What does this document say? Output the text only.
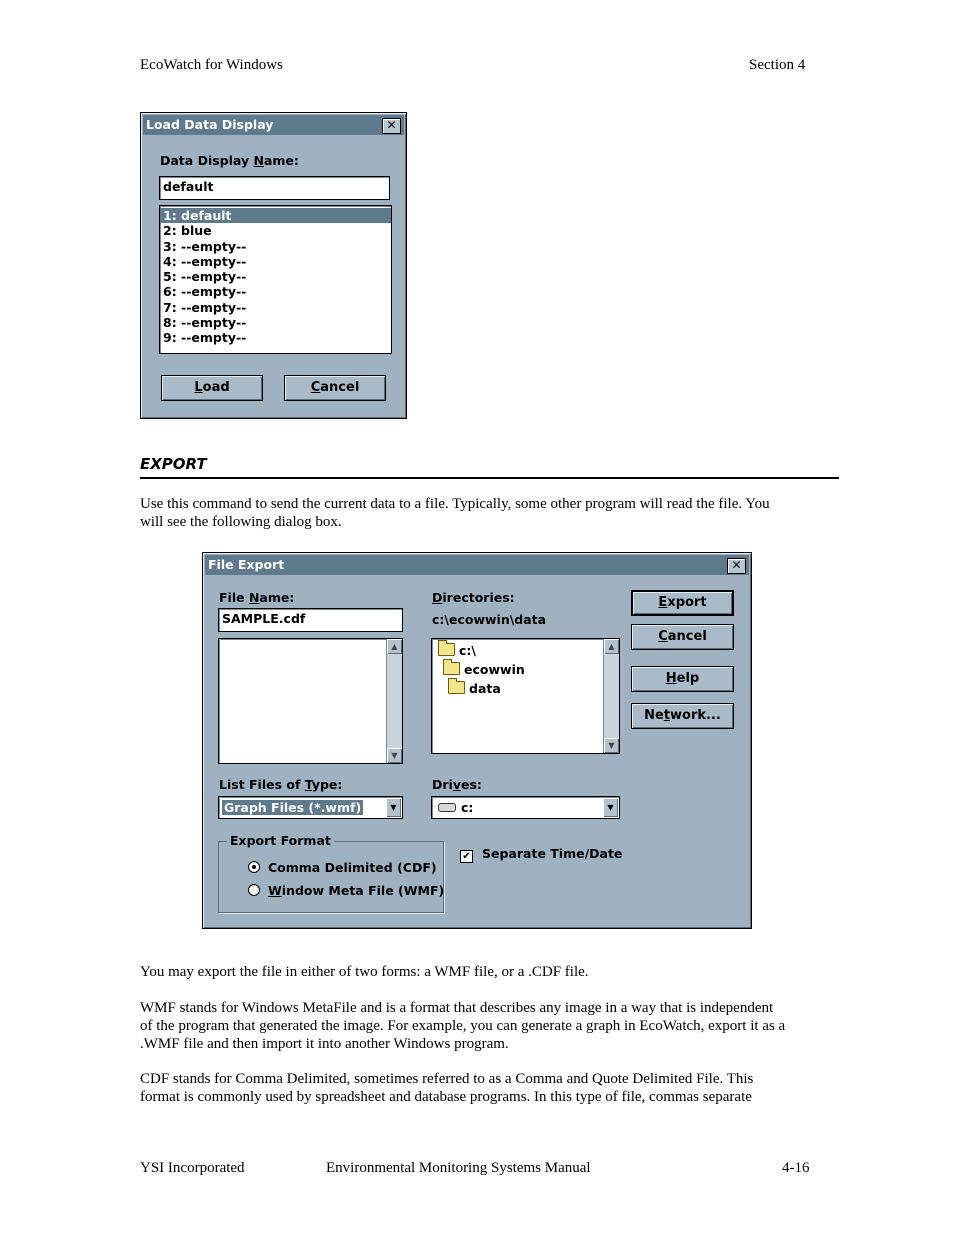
EcoWatch for Windows	Section 4
Load Data Display	✕
Data Display Name:
default
1: default
2: blue
3: --empty--
4: --empty--
5: --empty--
6: --empty--
7: --empty--
8: --empty--
9: --empty--
Load	Cancel
EXPORT
Use this command to send the current data to a file. Typically, some other program will read the file. You
will see the following dialog box.
File Export	✕
File Name:
SAMPLE.cdf
▲
▼
Directories:
c:\ecowwin\data
c:\
ecowwin
data
▲
▼
Export
Cancel
Help
Network...
List Files of Type:
Graph Files (*.wmf)	▼
Drives:
c:	▼
Export Format
Comma Delimited (CDF)
Window Meta File (WMF)
✔ Separate Time/Date
You may export the file in either of two forms: a WMF file, or a .CDF file.
WMF stands for Windows MetaFile and is a format that describes any image in a way that is independent
of the program that generated the image. For example, you can generate a graph in EcoWatch, export it as a
.WMF file and then import it into another Windows program.
CDF stands for Comma Delimited, sometimes referred to as a Comma and Quote Delimited File. This
format is commonly used by spreadsheet and database programs. In this type of file, commas separate
YSI Incorporated	Environmental Monitoring Systems Manual	4-16
